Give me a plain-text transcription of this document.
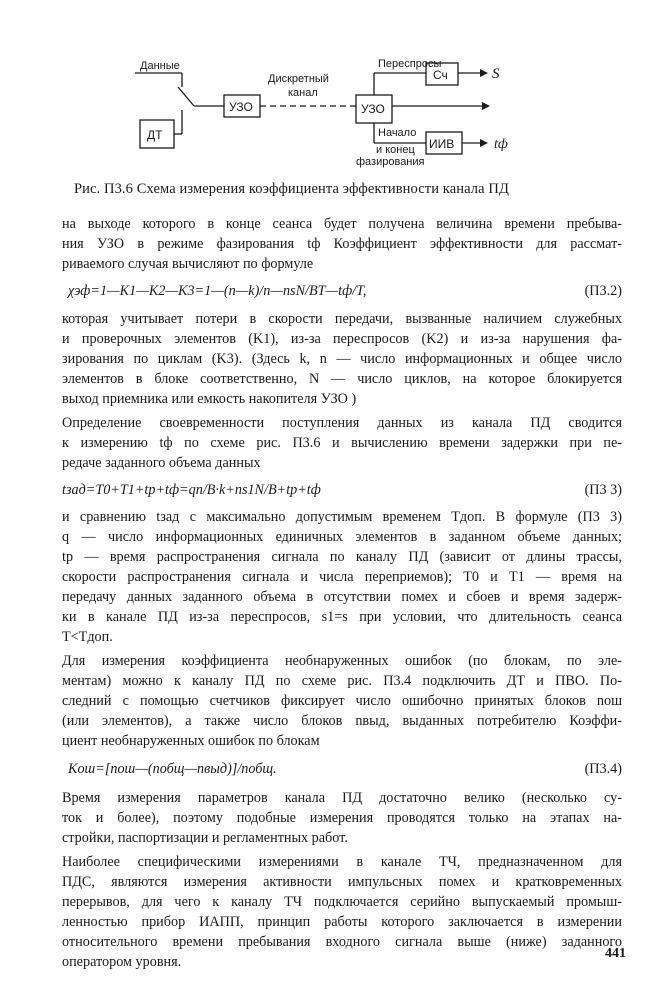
Данные
ДТ
УЗО
Дискретный
канал
УЗО
Переспросы
Сч	S
Начало
и конец
фазирования
ИИВ	tф
Рис. П3.6 Схема измерения коэффициента эффективности канала ПД
на выходе которого в конце сеанса будет получена величина времени пребыва-
ния УЗО в режиме фазирования tф Коэффициент эффективности для рассмат-
риваемого случая вычисляют по формуле
χэф=1—K1—K2—K3=1—(n—k)/n—nsN/BT—tф/T,	(П3.2)
которая учитывает потери в скорости передачи, вызванные наличием служебных
и проверочных элементов (K1), из-за переспросов (K2) и из-за нарушения фа-
зирования по циклам (K3). (Здесь k, n — число информационных и общее число
элементов в блоке соответственно, N — число циклов, на которое блокируется
выход приемника или емкость накопителя УЗО )
Определение своевременности поступления данных из канала ПД сводится
к измерению tф по схеме рис. П3.6 и вычислению времени задержки при пе-
редаче заданного объема данных
tзад=T0+T1+tр+tф=qn/B·k+ns1N/B+tр+tф	(П3 3)
и сравнению tзад с максимально допустимым временем Tдоп. В формуле (П3 3)
q — число информационных единичных элементов в заданном объеме данных;
tр — время распространения сигнала по каналу ПД (зависит от длины трассы,
скорости распространения сигнала и числа переприемов); T0 и T1 — время на
передачу данных заданного объема в отсутствии помех и сбоев и время задерж-
ки в канале ПД из-за переспросов, s1=s при условии, что длительность сеанса
T<Tдоп.
Для измерения коэффициента необнаруженных ошибок (по блокам, по эле-
ментам) можно к каналу ПД по схеме рис. П3.4 подключить ДТ и ПВО. По-
следний с помощью счетчиков фиксирует число ошибочно принятых блоков nош
(или элементов), а также число блоков nвыд, выданных потребителю Коэффи-
циент необнаруженных ошибок по блокам
Kош=[nош—(nобщ—nвыд)]/nобщ.	(П3.4)
Время измерения параметров канала ПД достаточно велико (несколько су-
ток и более), поэтому подобные измерения проводятся только на этапах на-
стройки, паспортизации и регламентных работ.
Наиболее специфическими измерениями в канале ТЧ, предназначенном для
ПДС, являются измерения активности импульсных помех и кратковременных
перерывов, для чего к каналу ТЧ подключается серийно выпускаемый промыш-
ленностью прибор ИАПП, принцип работы которого заключается в измерении
относительного времени пребывания входного сигнала выше (ниже) заданного
оператором уровня.
441
